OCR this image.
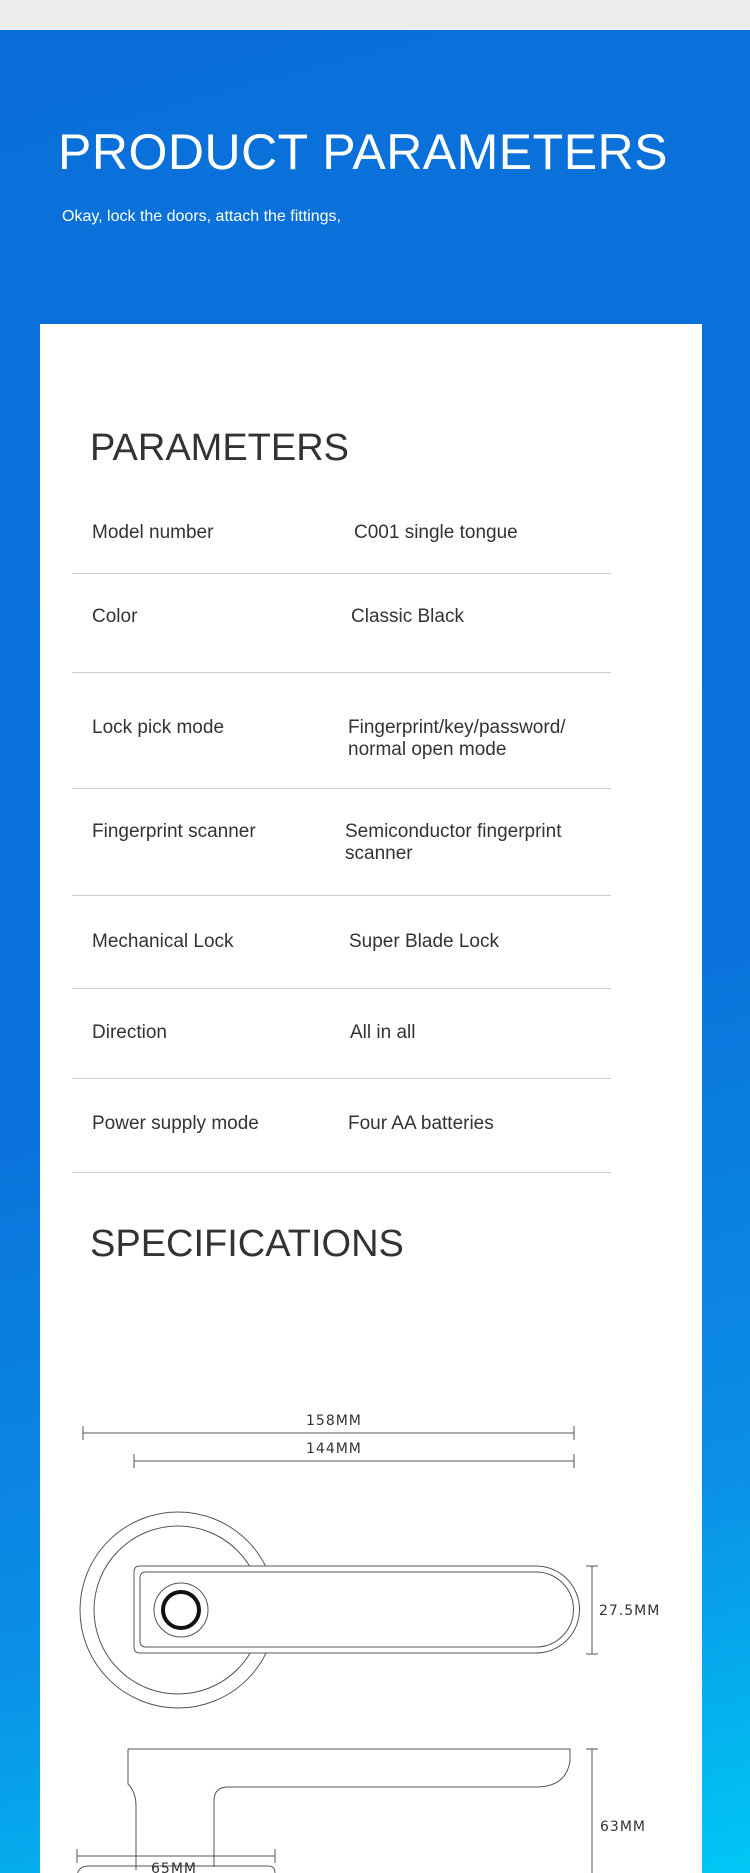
PRODUCT PARAMETERS

Okay, lock the doors, attach the fittings,

PARAMETERS
Model number	C001 single tongue
Color	Classic Black
Lock pick mode	Fingerprint/key/password/ normal open mode
Fingerprint scanner	Semiconductor fingerprint scanner
Mechanical Lock	Super Blade Lock
Direction	All in all
Power supply mode	Four AA batteries
SPECIFICATIONS
158MM
144MM
27.5MM
63MM
65MM
